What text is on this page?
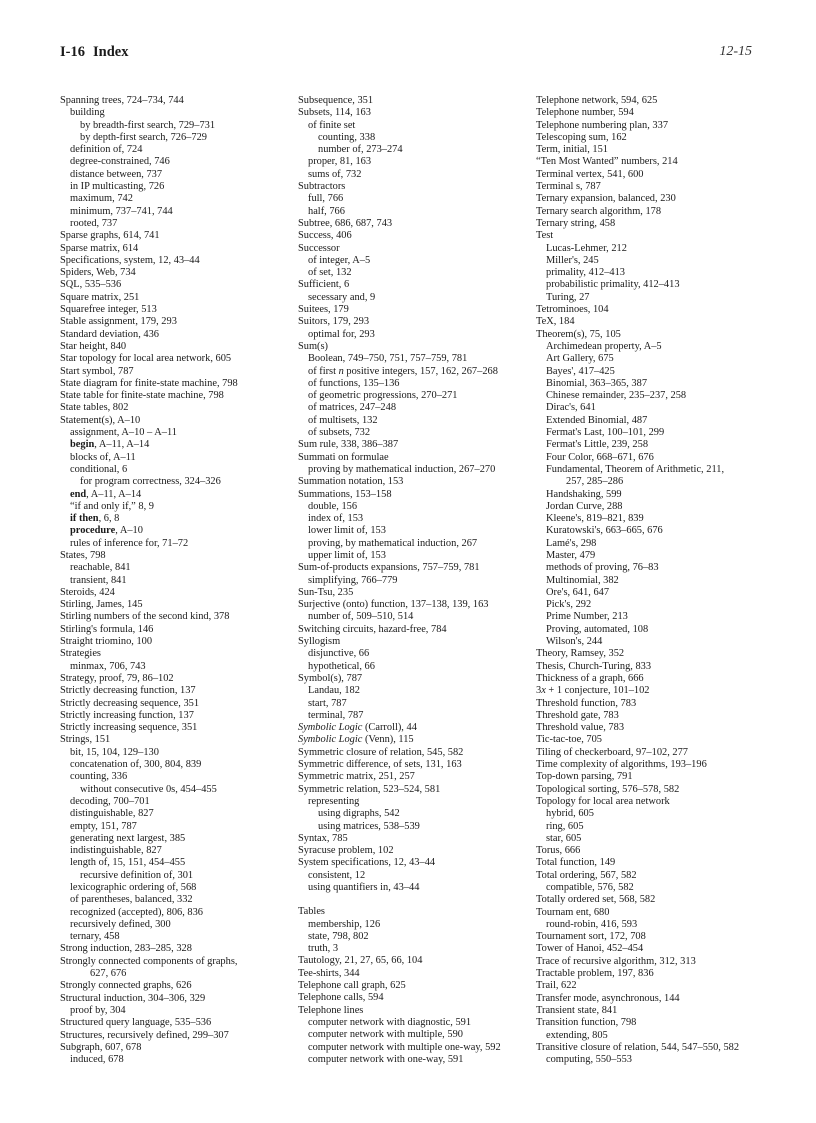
I-16 Index	12-15
Spanning trees, 724–734, 744
building
by breadth-first search, 729–731
by depth-first search, 726–729
definition of, 724
degree-constrained, 746
distance between, 737
in IP multicasting, 726
maximum, 742
minimum, 737–741, 744
rooted, 737
Sparse graphs, 614, 741
Sparse matrix, 614
Specifications, system, 12, 43–44
Spiders, Web, 734
SQL, 535–536
Square matrix, 251
Squarefree integer, 513
Stable assignment, 179, 293
Standard deviation, 436
Star height, 840
Star topology for local area network, 605
Start symbol, 787
State diagram for finite-state machine, 798
State table for finite-state machine, 798
State tables, 802
Statement(s), A–10
assignment, A–10 – A–11
begin, A–11, A–14
blocks of, A–11
conditional, 6
for program correctness, 324–326
end, A–11, A–14
“if and only if,” 8, 9
if then, 6, 8
procedure, A–10
rules of inference for, 71–72
States, 798
reachable, 841
transient, 841
Steroids, 424
Stirling, James, 145
Stirling numbers of the second kind, 378
Stirling's formula, 146
Straight triomino, 100
Strategies
minmax, 706, 743
Strategy, proof, 79, 86–102
Strictly decreasing function, 137
Strictly decreasing sequence, 351
Strictly increasing function, 137
Strictly increasing sequence, 351
Strings, 151
bit, 15, 104, 129–130
concatenation of, 300, 804, 839
counting, 336
without consecutive 0s, 454–455
decoding, 700–701
distinguishable, 827
empty, 151, 787
generating next largest, 385
indistinguishable, 827
length of, 15, 151, 454–455
recursive definition of, 301
lexicographic ordering of, 568
of parentheses, balanced, 332
recognized (accepted), 806, 836
recursively defined, 300
ternary, 458
Strong induction, 283–285, 328
Strongly connected components of graphs,
627, 676
Strongly connected graphs, 626
Structural induction, 304–306, 329
proof by, 304
Structured query language, 535–536
Structures, recursively defined, 299–307
Subgraph, 607, 678
induced, 678
Subsequence, 351
Subsets, 114, 163
of finite set
counting, 338
number of, 273–274
proper, 81, 163
sums of, 732
Subtractors
full, 766
half, 766
Subtree, 686, 687, 743
Success, 406
Successor
of integer, A–5
of set, 132
Sufficient, 6
secessary and, 9
Suitees, 179
Suitors, 179, 293
optimal for, 293
Sum(s)
Boolean, 749–750, 751, 757–759, 781
of first n positive integers, 157, 162, 267–268
of functions, 135–136
of geometric progressions, 270–271
of matrices, 247–248
of multisets, 132
of subsets, 732
Sum rule, 338, 386–387
Summati on formulae
proving by mathematical induction, 267–270
Summation notation, 153
Summations, 153–158
double, 156
index of, 153
lower limit of, 153
proving, by mathematical induction, 267
upper limit of, 153
Sum-of-products expansions, 757–759, 781
simplifying, 766–779
Sun-Tsu, 235
Surjective (onto) function, 137–138, 139, 163
number of, 509–510, 514
Switching circuits, hazard-free, 784
Syllogism
disjunctive, 66
hypothetical, 66
Symbol(s), 787
Landau, 182
start, 787
terminal, 787
Symbolic Logic (Carroll), 44
Symbolic Logic (Venn), 115
Symmetric closure of relation, 545, 582
Symmetric difference, of sets, 131, 163
Symmetric matrix, 251, 257
Symmetric relation, 523–524, 581
representing
using digraphs, 542
using matrices, 538–539
Syntax, 785
Syracuse problem, 102
System specifications, 12, 43–44
consistent, 12
using quantifiers in, 43–44
Tables
membership, 126
state, 798, 802
truth, 3
Tautology, 21, 27, 65, 66, 104
Tee-shirts, 344
Telephone call graph, 625
Telephone calls, 594
Telephone lines
computer network with diagnostic, 591
computer network with multiple, 590
computer network with multiple one-way, 592
computer network with one-way, 591
Telephone network, 594, 625
Telephone number, 594
Telephone numbering plan, 337
Telescoping sum, 162
Term, initial, 151
“Ten Most Wanted” numbers, 214
Terminal vertex, 541, 600
Terminal s, 787
Ternary expansion, balanced, 230
Ternary search algorithm, 178
Ternary string, 458
Test
Lucas-Lehmer, 212
Miller's, 245
primality, 412–413
probabilistic primality, 412–413
Turing, 27
Tetrominoes, 104
TeX, 184
Theorem(s), 75, 105
Archimedean property, A–5
Art Gallery, 675
Bayes', 417–425
Binomial, 363–365, 387
Chinese remainder, 235–237, 258
Dirac's, 641
Extended Binomial, 487
Fermat's Last, 100–101, 299
Fermat's Little, 239, 258
Four Color, 668–671, 676
Fundamental, Theorem of Arithmetic, 211,
257, 285–286
Handshaking, 599
Jordan Curve, 288
Kleene's, 819–821, 839
Kuratowski's, 663–665, 676
Lamé's, 298
Master, 479
methods of proving, 76–83
Multinomial, 382
Ore's, 641, 647
Pick's, 292
Prime Number, 213
Proving, automated, 108
Wilson's, 244
Theory, Ramsey, 352
Thesis, Church-Turing, 833
Thickness of a graph, 666
3x + 1 conjecture, 101–102
Threshold function, 783
Threshold gate, 783
Threshold value, 783
Tic-tac-toe, 705
Tiling of checkerboard, 97–102, 277
Time complexity of algorithms, 193–196
Top-down parsing, 791
Topological sorting, 576–578, 582
Topology for local area network
hybrid, 605
ring, 605
star, 605
Torus, 666
Total function, 149
Total ordering, 567, 582
compatible, 576, 582
Totally ordered set, 568, 582
Tournam ent, 680
round-robin, 416, 593
Tournament sort, 172, 708
Tower of Hanoi, 452–454
Trace of recursive algorithm, 312, 313
Tractable problem, 197, 836
Trail, 622
Transfer mode, asynchronous, 144
Transient state, 841
Transition function, 798
extending, 805
Transitive closure of relation, 544, 547–550, 582
computing, 550–553
